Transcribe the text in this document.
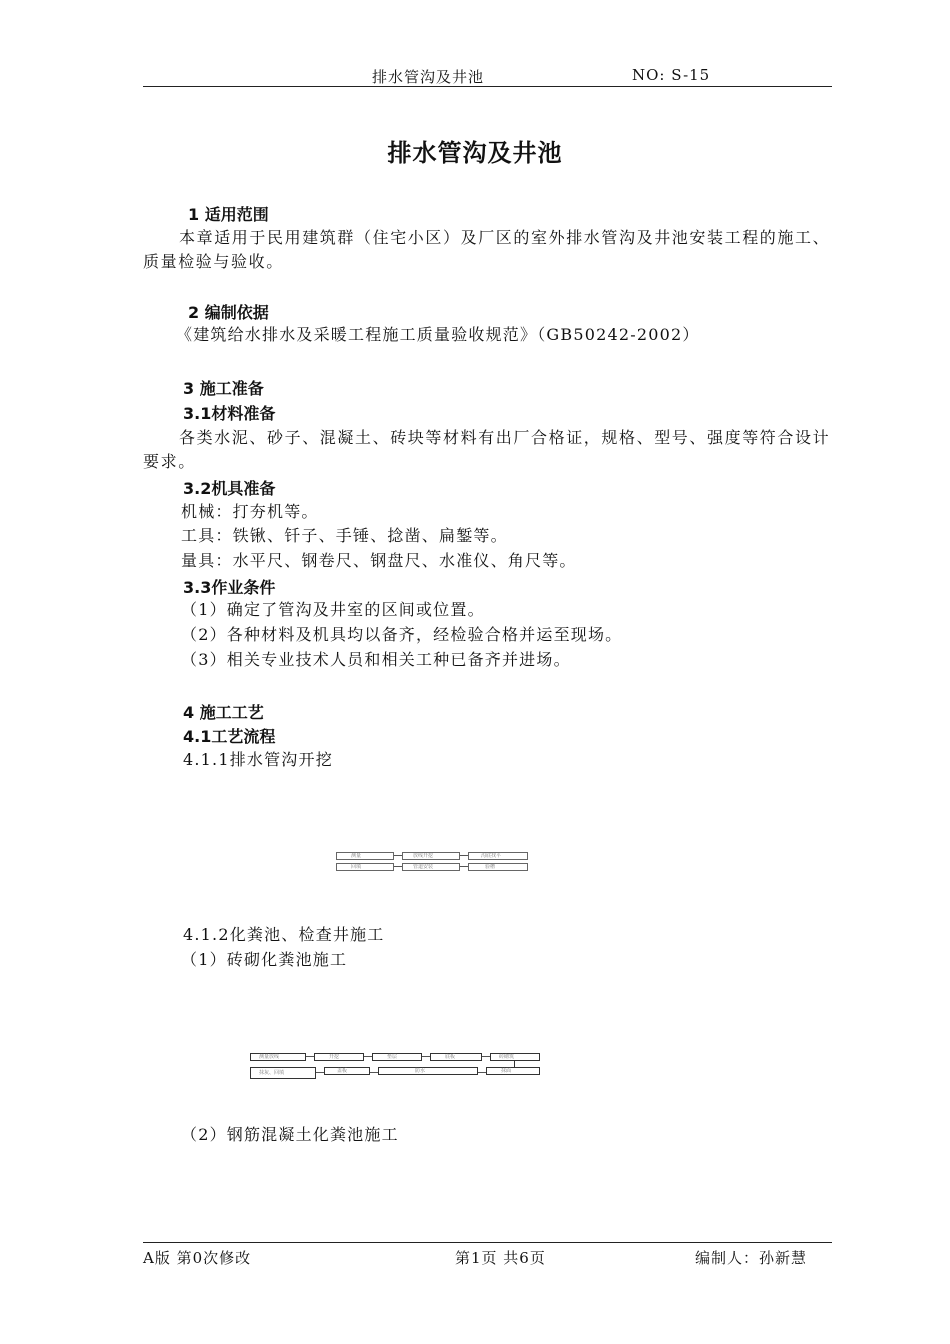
排水管沟及井池	NO: S-15
排水管沟及井池
1 适用范围
本章适用于民用建筑群（住宅小区）及厂区的室外排水管沟及井池安装工程的施工、质量检验与验收。
2 编制依据
《建筑给水排水及采暖工程施工质量验收规范》（GB50242-2002）
3 施工准备
3.1材料准备
各类水泥、砂子、混凝土、砖块等材料有出厂合格证，规格、型号、强度等符合设计要求。
3.2机具准备
机械：打夯机等。
工具：铁锹、钎子、手锤、捻凿、扁錾等。
量具：水平尺、钢卷尺、钢盘尺、水准仪、角尺等。
3.3作业条件
（1）确定了管沟及井室的区间或位置。
（2）各种材料及机具均以备齐，经检验合格并运至现场。
（3）相关专业技术人员和相关工种已备齐并进场。
4 施工工艺
4.1工艺流程
4.1.1排水管沟开挖
测量	放线开挖	沟底找平
回填	管道安装	验槽
4.1.2化粪池、检查井施工
（1）砖砌化粪池施工
测量放线	开挖	垫层	底板	砖砌筑
抹灰、回填	盖板	防水	抹面
（2）钢筋混凝土化粪池施工
A版 第0次修改	第1页 共6页	编制人：孙新慧
